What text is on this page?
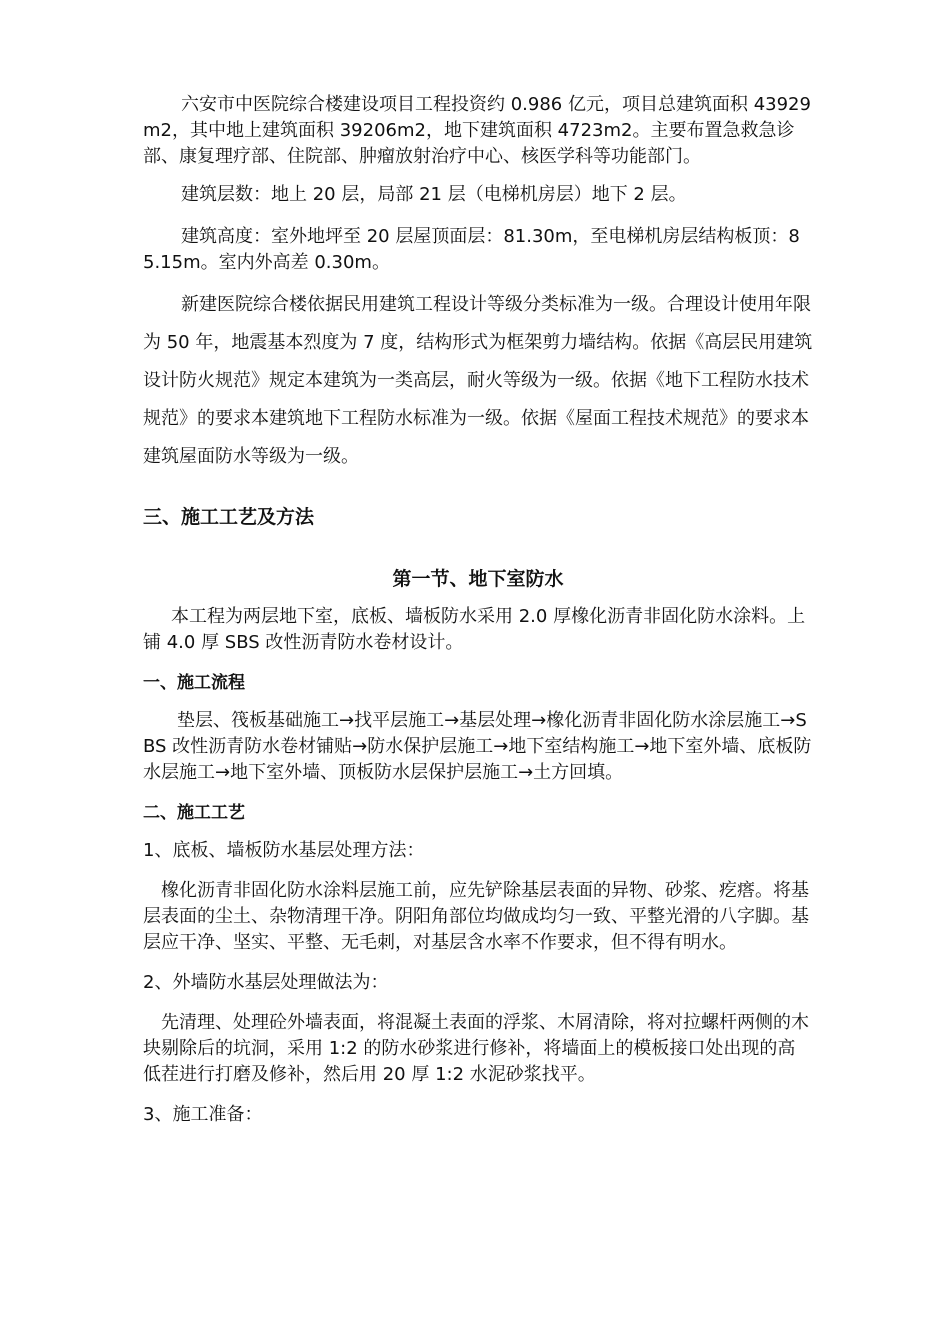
六安市中医院综合楼建设项目工程投资约 0.986 亿元，项目总建筑面积 43929m2，其中地上建筑面积 39206m2，地下建筑面积 4723m2。主要布置急救急诊部、康复理疗部、住院部、肿瘤放射治疗中心、核医学科等功能部门。

建筑层数：地上 20 层，局部 21 层（电梯机房层）地下 2 层。

建筑高度：室外地坪至 20 层屋顶面层：81.30m，至电梯机房层结构板顶：85.15m。室内外高差 0.30m。

新建医院综合楼依据民用建筑工程设计等级分类标准为一级。合理设计使用年限为 50 年，地震基本烈度为 7 度，结构形式为框架剪力墙结构。依据《高层民用建筑设计防火规范》规定本建筑为一类高层，耐火等级为一级。依据《地下工程防水技术规范》的要求本建筑地下工程防水标准为一级。依据《屋面工程技术规范》的要求本建筑屋面防水等级为一级。

三、施工工艺及方法
第一节、地下室防水

本工程为两层地下室，底板、墙板防水采用 2.0 厚橡化沥青非固化防水涂料。上铺 4.0 厚 SBS 改性沥青防水卷材设计。

一、施工流程

垫层、筏板基础施工→找平层施工→基层处理→橡化沥青非固化防水涂层施工→SBS 改性沥青防水卷材铺贴→防水保护层施工→地下室结构施工→地下室外墙、底板防水层施工→地下室外墙、顶板防水层保护层施工→土方回填。

二、施工工艺

1、底板、墙板防水基层处理方法：

橡化沥青非固化防水涂料层施工前，应先铲除基层表面的异物、砂浆、疙瘩。将基层表面的尘土、杂物清理干净。阴阳角部位均做成均匀一致、平整光滑的八字脚。基层应干净、坚实、平整、无毛刺，对基层含水率不作要求，但不得有明水。

2、外墙防水基层处理做法为：

先清理、处理砼外墙表面，将混凝土表面的浮浆、木屑清除，将对拉螺杆两侧的木块剔除后的坑洞，采用 1:2 的防水砂浆进行修补，将墙面上的模板接口处出现的高低茬进行打磨及修补，然后用 20 厚 1:2 水泥砂浆找平。

3、施工准备：
